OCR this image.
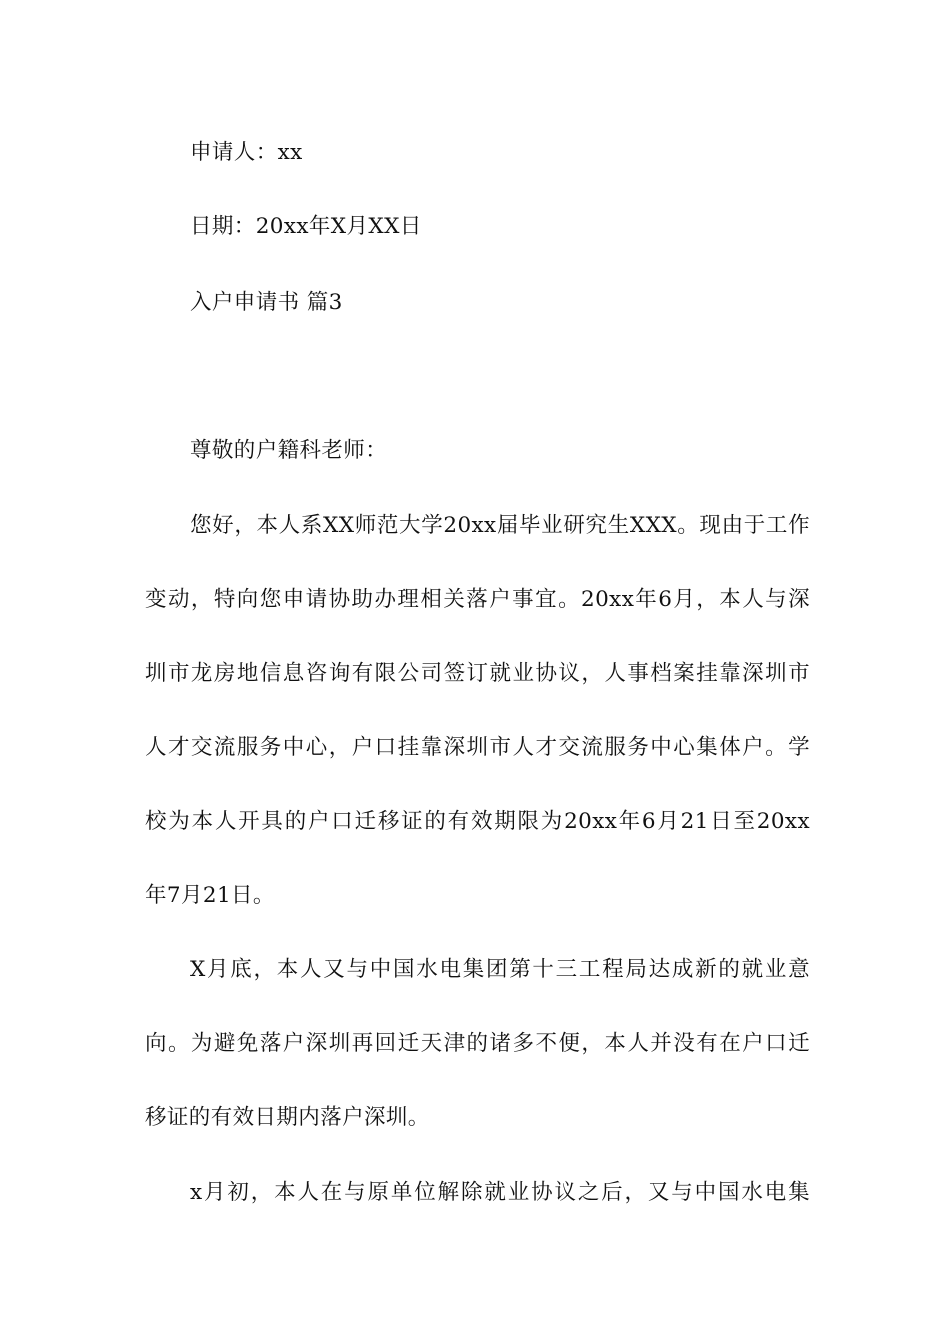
申请人：xx
日期：20xx年X月XX日
入户申请书 篇3
尊敬的户籍科老师：
您好，本人系XX师范大学20xx届毕业研究生XXX。现由于工作
变动，特向您申请协助办理相关落户事宜。20xx年6月，本人与深
圳市龙房地信息咨询有限公司签订就业协议，人事档案挂靠深圳市
人才交流服务中心，户口挂靠深圳市人才交流服务中心集体户。学
校为本人开具的户口迁移证的有效期限为20xx年6月21日至20xx
年7月21日。
X月底，本人又与中国水电集团第十三工程局达成新的就业意
向。为避免落户深圳再回迁天津的诸多不便，本人并没有在户口迁
移证的有效日期内落户深圳。
x月初，本人在与原单位解除就业协议之后，又与中国水电集
